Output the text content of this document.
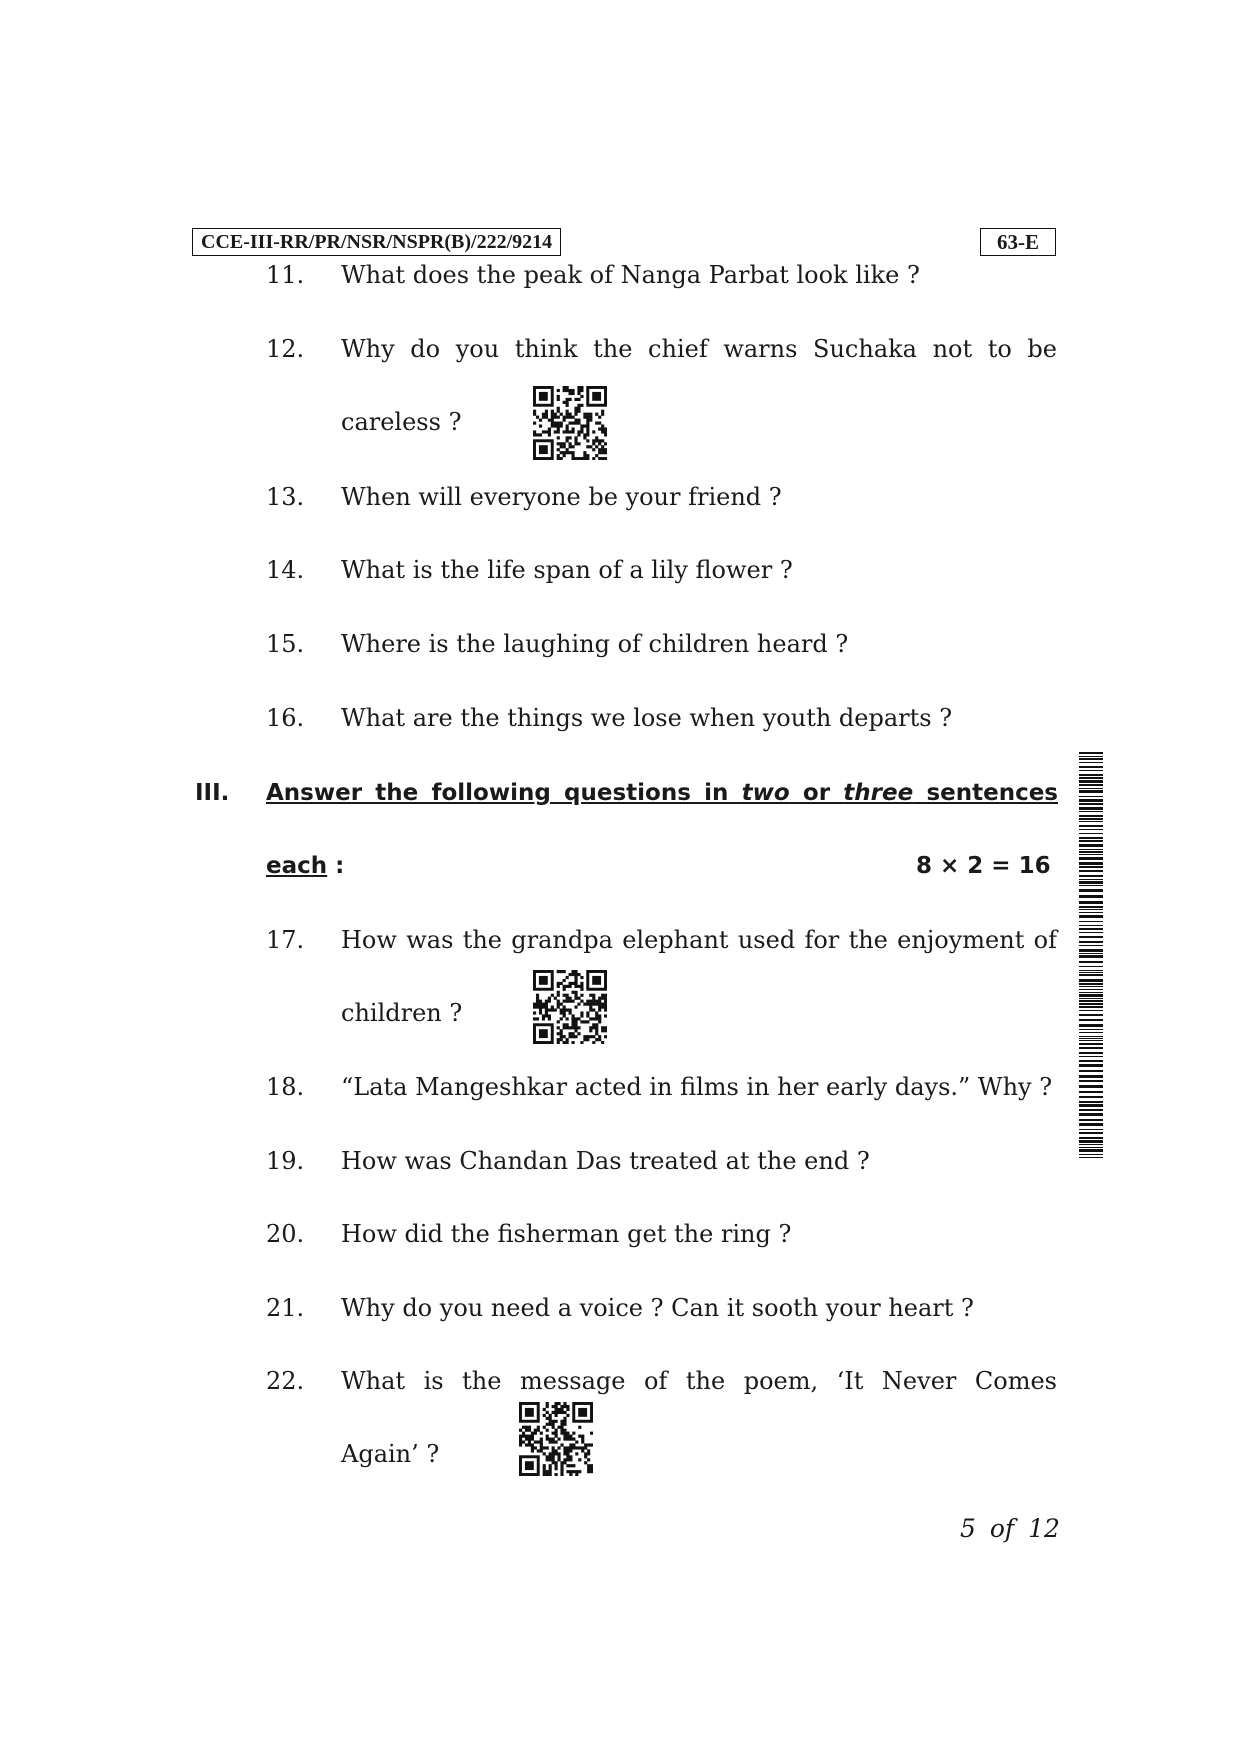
CCE-III-RR/PR/NSR/NSPR(B)/222/9214	63-E
11. What does the peak of Nanga Parbat look like ?
12. Why do you think the chief warns Suchaka not to be
careless ?
13. When will everyone be your friend ?
14. What is the life span of a lily flower ?
15. Where is the laughing of children heard ?
16. What are the things we lose when youth departs ?
III. Answer the following questions in two or three sentences
each :	8 × 2 = 16
17. How was the grandpa elephant used for the enjoyment of
children ?
18. “Lata Mangeshkar acted in films in her early days.” Why ?
19. How was Chandan Das treated at the end ?
20. How did the fisherman get the ring ?
21. Why do you need a voice ? Can it sooth your heart ?
22. What is the message of the poem, ‘It Never Comes
Again’ ?
5 of 12
